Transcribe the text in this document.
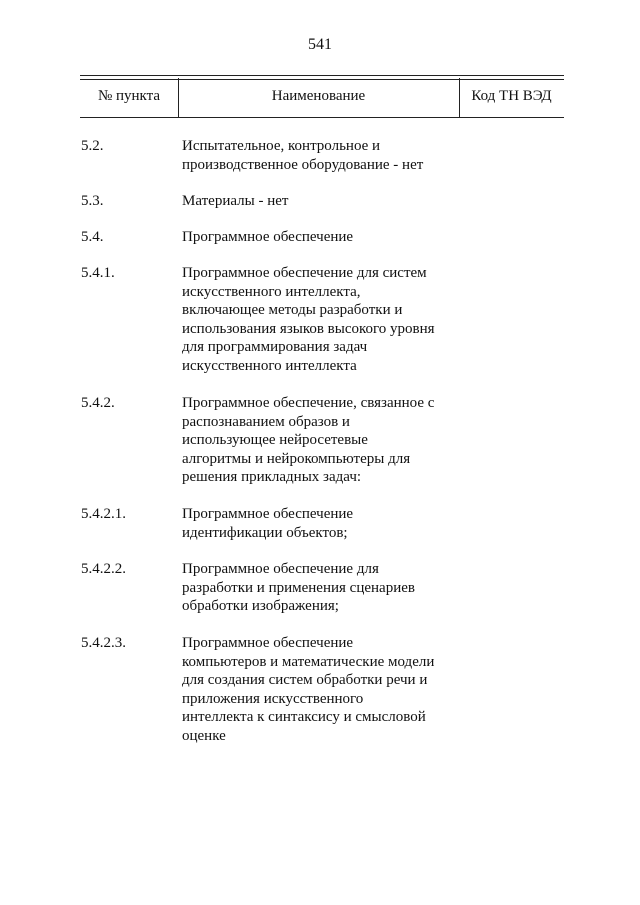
541
№ пункта	Наименование	Код ТН ВЭД
5.2.	Испытательное, контрольное и
производственное оборудование - нет
5.3.	Материалы - нет
5.4.	Программное обеспечение
5.4.1.	Программное обеспечение для систем
искусственного интеллекта,
включающее методы разработки и
использования языков высокого уровня
для программирования задач
искусственного интеллекта
5.4.2.	Программное обеспечение, связанное с
распознаванием образов и
использующее нейросетевые
алгоритмы и нейрокомпьютеры для
решения прикладных задач:
5.4.2.1.	Программное обеспечение
идентификации объектов;
5.4.2.2.	Программное обеспечение для
разработки и применения сценариев
обработки изображения;
5.4.2.3.	Программное обеспечение
компьютеров и математические модели
для создания систем обработки речи и
приложения искусственного
интеллекта к синтаксису и смысловой
оценке
